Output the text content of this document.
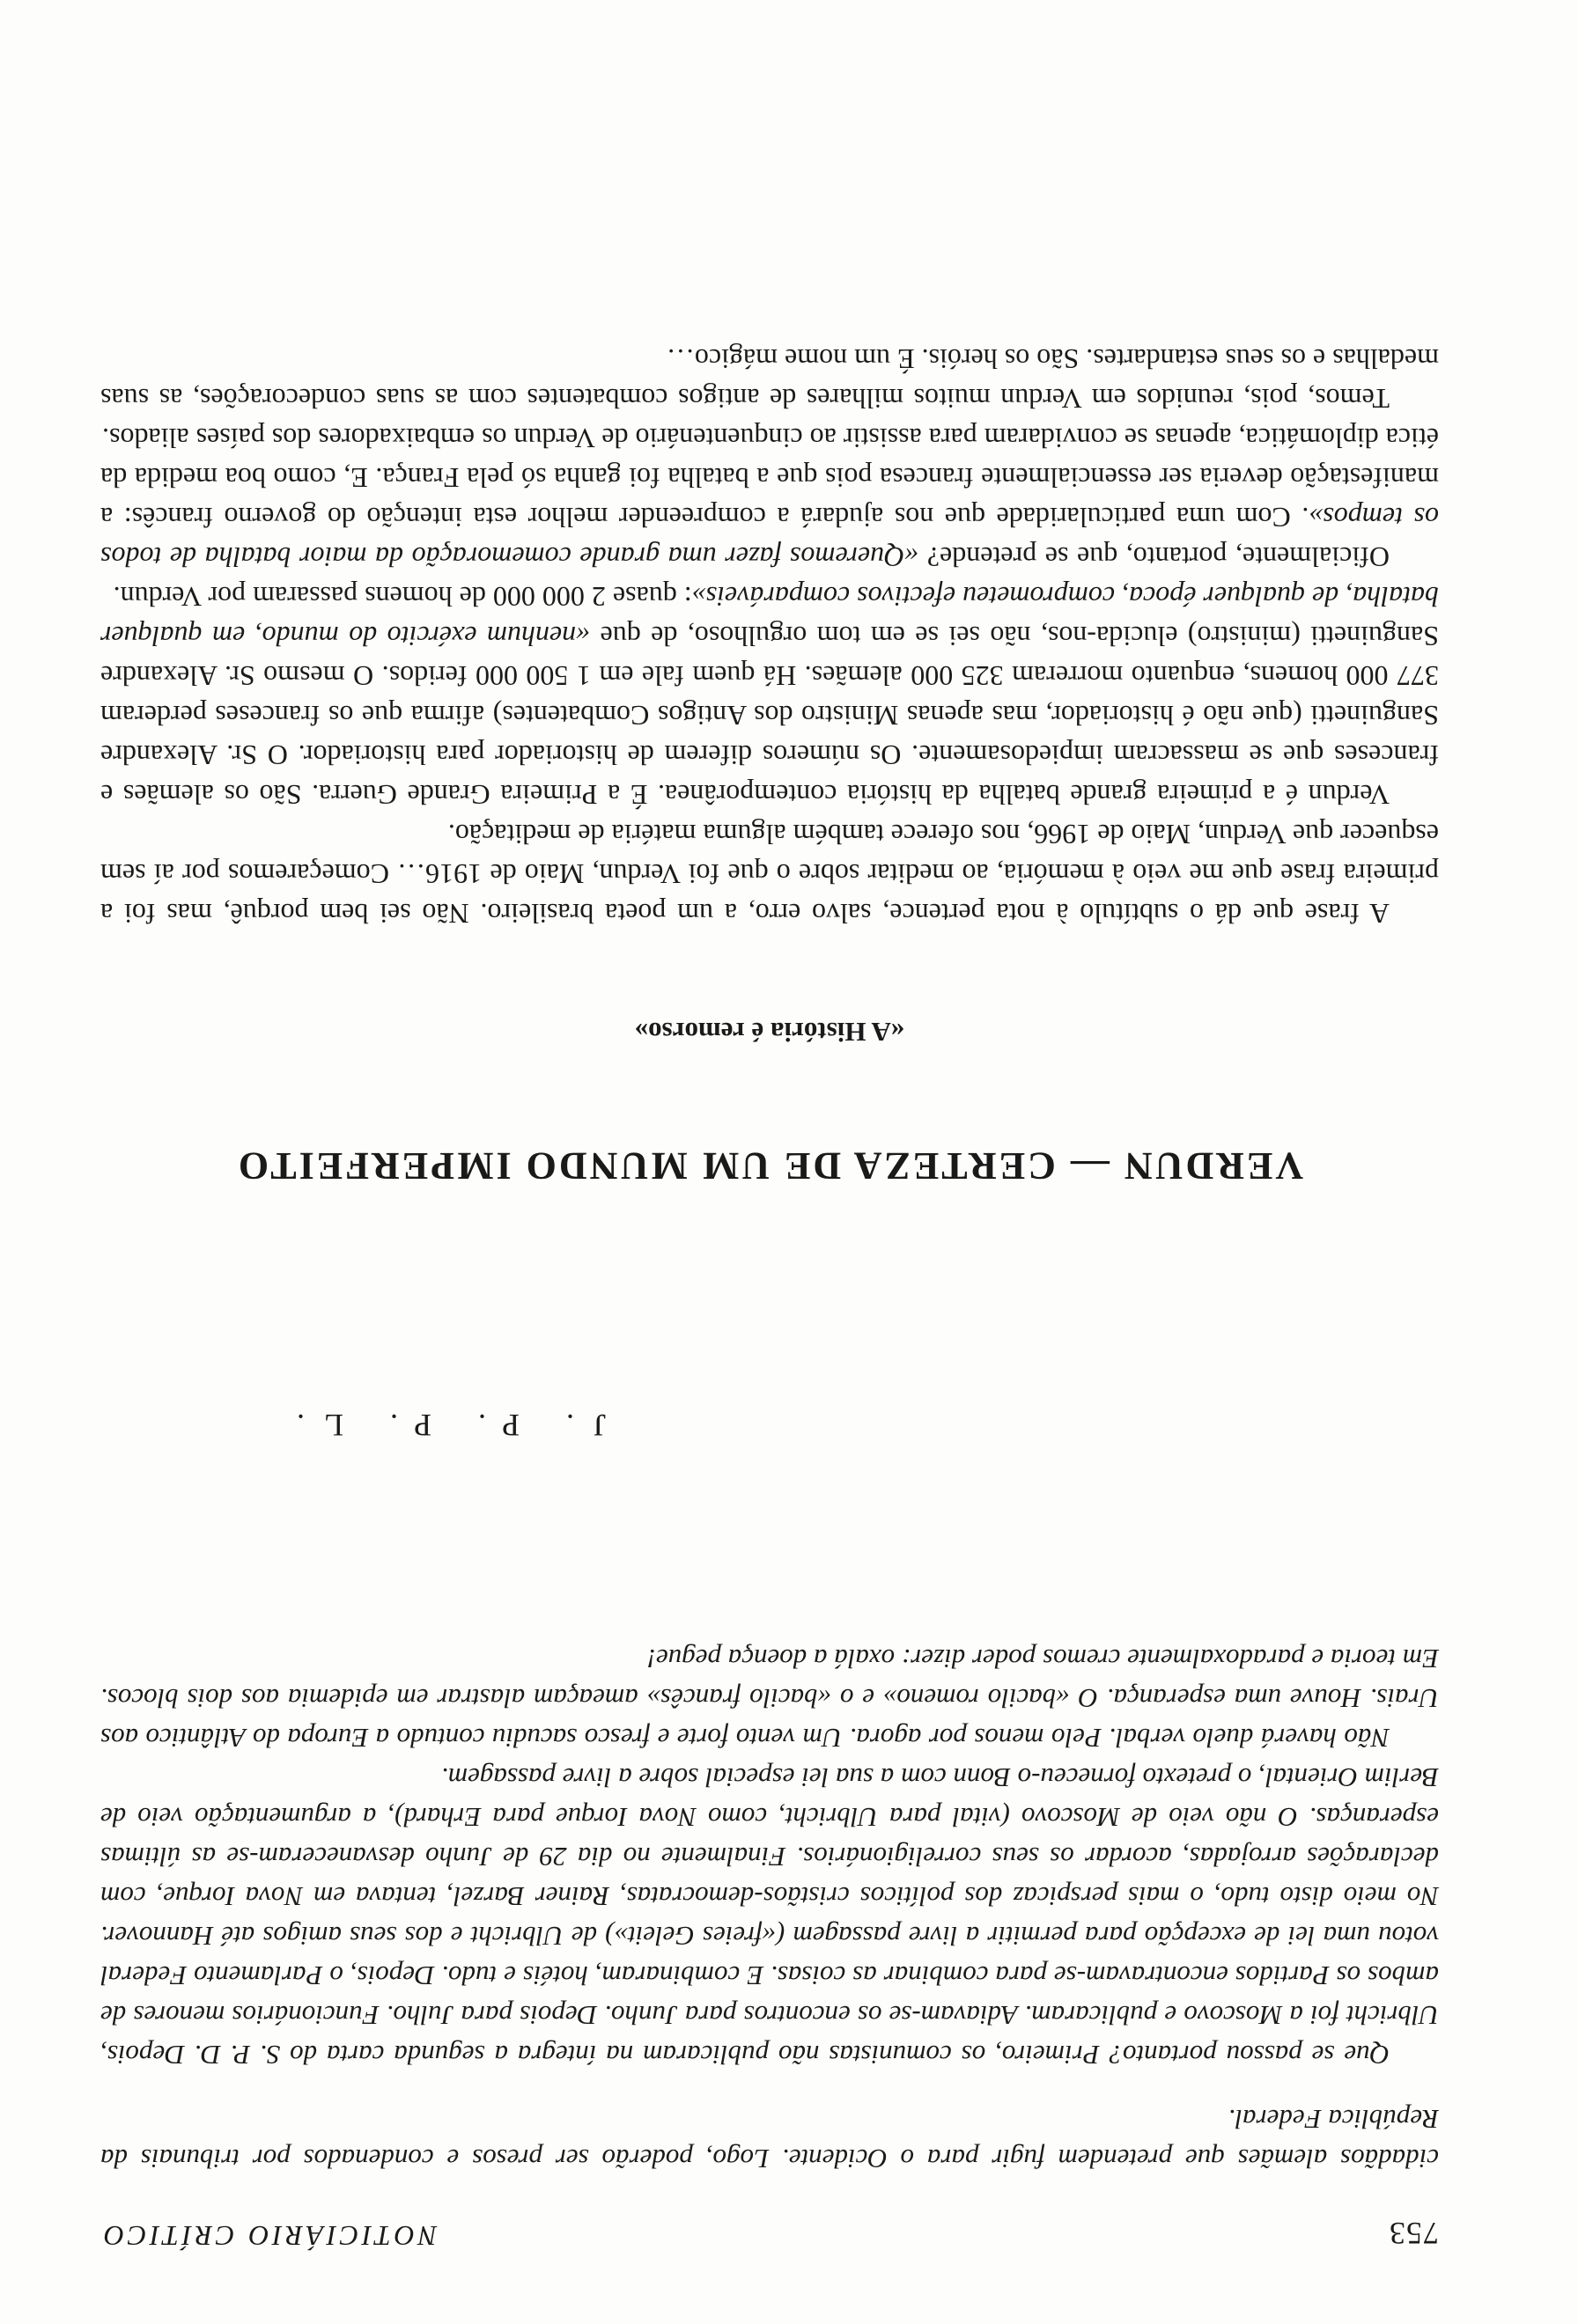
753
NOTICIÁRIO CRÍTICO

cidadãos alemães que pretendem fugir para o Ocidente. Logo, poderão ser presos e condenados por tribunais da República Federal.

Que se passou portanto? Primeiro, os comunistas não publicaram na íntegra a segunda carta do S. P. D. Depois, Ulbricht foi a Moscovo e publicaram. Adiavam-se os encontros para Junho. Depois para Julho. Funcionários menores de ambos os Partidos encontravam-se para combinar as coisas. E combinaram, hotéis e tudo. Depois, o Parlamento Federal votou uma lei de excepção para permitir a livre passagem («freies Geleit») de Ulbricht e dos seus amigos até Hannover. No meio disto tudo, o mais perspicaz dos políticos cristãos-democratas, Rainer Barzel, tentava em Nova Iorque, com declarações arrojadas, acordar os seus correligionários. Finalmente no dia 29 de Junho desvaneceram-se as últimas esperanças. O não veio de Moscovo (vital para Ulbricht, como Nova Iorque para Erhard), a argumentação veio de Berlim Oriental, o pretexto forneceu-o Bonn com a sua lei especial sobre a livre passagem.

Não haverá duelo verbal. Pelo menos por agora. Um vento forte e fresco sacudiu contudo a Europa do Atlântico aos Urais. Houve uma esperança. O «bacilo romeno» e o «bacilo francês» ameaçam alastrar em epidemia aos dois blocos. Em teoria e paradoxalmente cremos poder dizer: oxalá a doença pegue!

J. P. P. L.
VERDUN — CERTEZA DE UM MUNDO IMPERFEITO
«A História é remorso»

A frase que dá o subtítulo à nota pertence, salvo erro, a um poeta brasileiro. Não sei bem porquê, mas foi a primeira frase que me veio à memória, ao meditar sobre o que foi Verdun, Maio de 1916… Começaremos por aí sem esquecer que Verdun, Maio de 1966, nos oferece também alguma matéria de meditação.

Verdun é a primeira grande batalha da história contemporânea. É a Primeira Grande Guerra. São os alemães e franceses que se massacram impiedosamente. Os números diferem de historiador para historiador. O Sr. Alexandre Sanguinetti (que não é historiador, mas apenas Ministro dos Antigos Combatentes) afirma que os franceses perderam 377 000 homens, enquanto morreram 325 000 alemães. Há quem fale em 1 500 000 feridos. O mesmo Sr. Alexandre Sanguinetti (ministro) elucida-nos, não sei se em tom orgulhoso, de que «nenhum exército do mundo, em qualquer batalha, de qualquer época, comprometeu efectivos comparáveis»: quase 2 000 000 de homens passaram por Verdun.

Oficialmente, portanto, que se pretende? «Queremos fazer uma grande comemoração da maior batalha de todos os tempos». Com uma particularidade que nos ajudará a compreender melhor esta intenção do governo francês: a manifestação deveria ser essencialmente francesa pois que a batalha foi ganha só pela França. E, como boa medida da ética diplomática, apenas se convidaram para assistir ao cinquentenário de Verdun os embaixadores dos países aliados.

Temos, pois, reunidos em Verdun muitos milhares de antigos combatentes com as suas condecorações, as suas medalhas e os seus estandartes. São os heróis. É um nome mágico…
